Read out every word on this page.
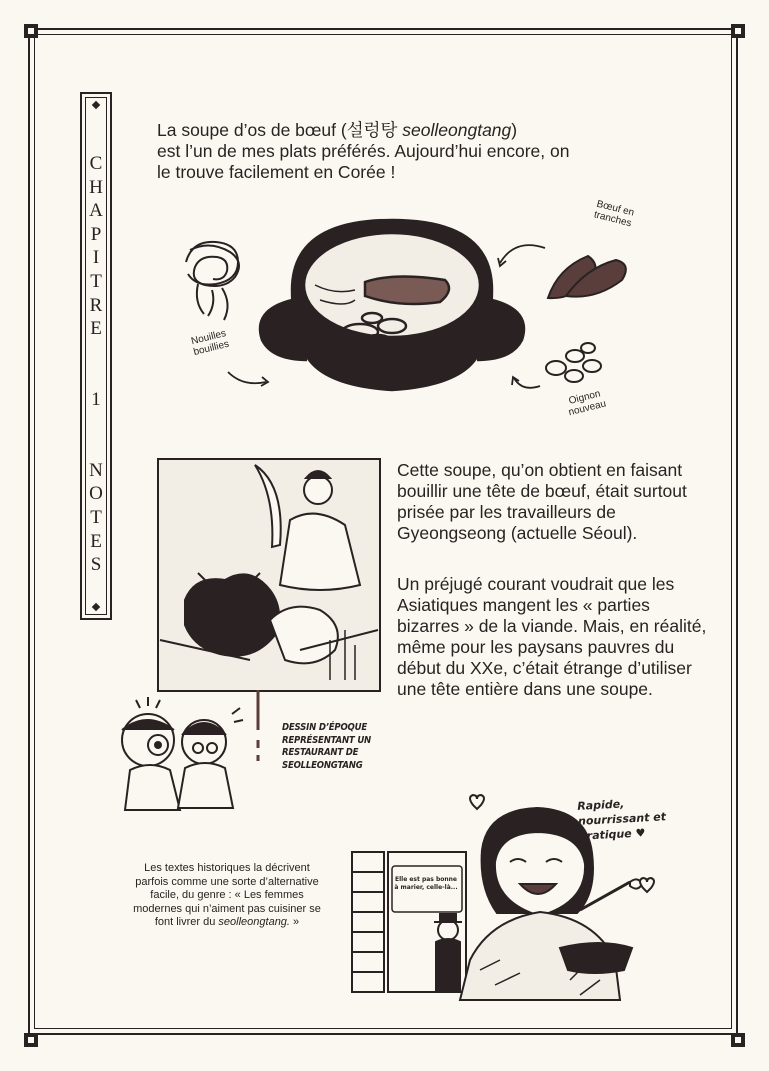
C
H
A
P
I
T
R
E

1

N
O
T
E
S
La soupe d’os de bœuf (설렁탕 seolleongtang)
est l’un de mes plats préférés. Aujourd’hui encore, on le trouve facilement en Corée !
Bœuf en tranches
Nouilles bouillies
Oignon nouveau
Cette soupe, qu’on obtient en faisant bouillir une tête de bœuf, était surtout prisée par les travailleurs de Gyeongseong (actuelle Séoul).
Un préjugé courant voudrait que les Asiatiques mangent les « parties bizarres » de la viande. Mais, en réalité, même pour les paysans pauvres du début du XXe, c’était étrange d’utiliser une tête entière dans une soupe.
DESSIN D’ÉPOQUE REPRÉSENTANT UN RESTAURANT DE SEOLLEONGTANG
Les textes historiques la décrivent parfois comme une sorte d’alternative facile, du genre : « Les femmes modernes qui n’aiment pas cuisiner se font livrer du seolleongtang. »
Rapide, nourrissant et pratique ♥
Elle est pas bonne à marier, celle-là...
